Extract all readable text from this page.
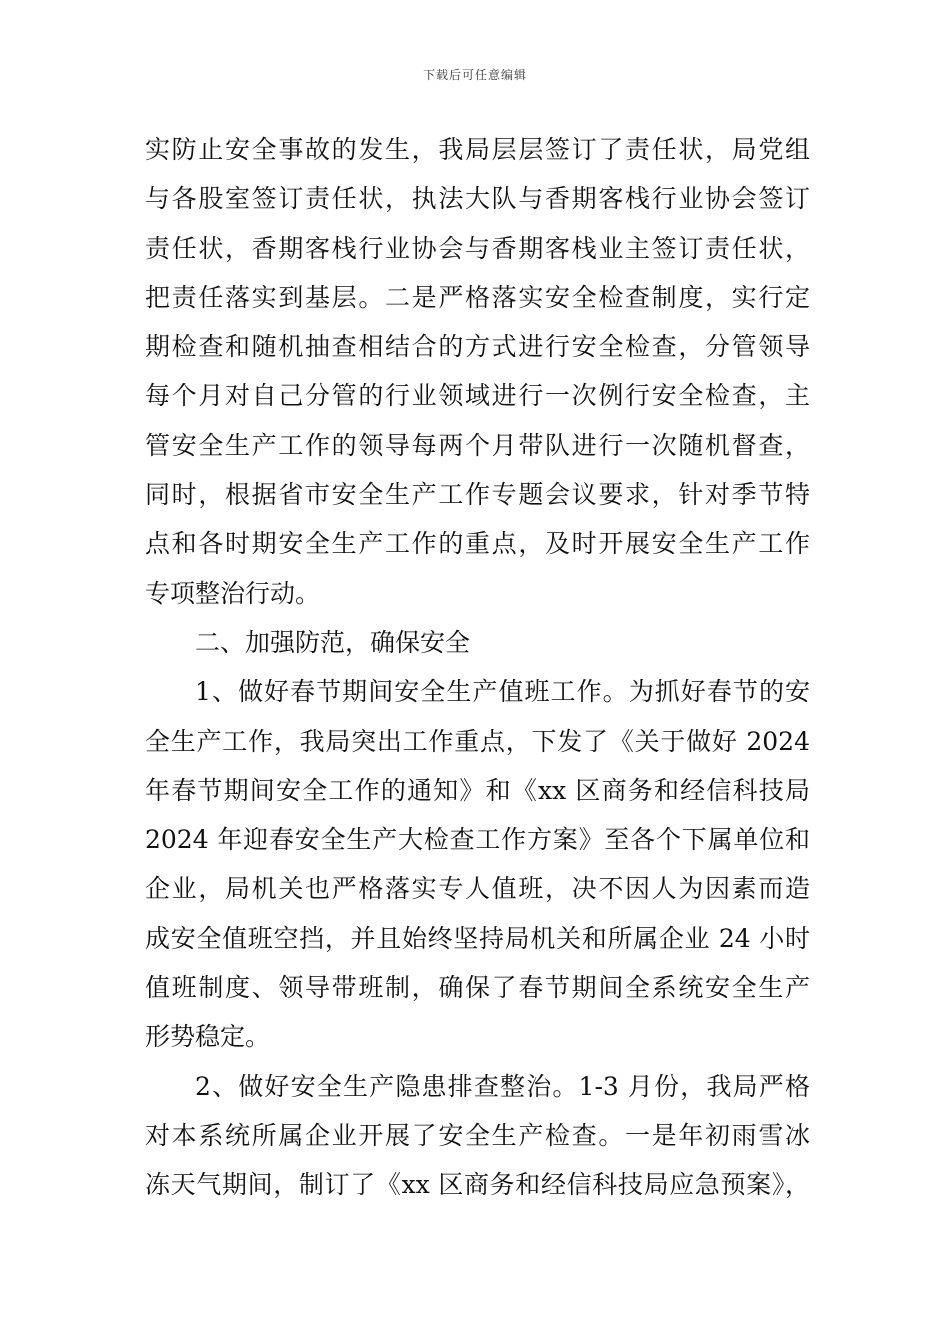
下载后可任意编辑
实防止安全事故的发生，我局层层签订了责任状，局党组
与各股室签订责任状，执法大队与香期客栈行业协会签订
责任状，香期客栈行业协会与香期客栈业主签订责任状，
把责任落实到基层。二是严格落实安全检查制度，实行定
期检查和随机抽查相结合的方式进行安全检查，分管领导
每个月对自己分管的行业领域进行一次例行安全检查，主
管安全生产工作的领导每两个月带队进行一次随机督查，
同时，根据省市安全生产工作专题会议要求，针对季节特
点和各时期安全生产工作的重点，及时开展安全生产工作
专项整治行动。
二、加强防范，确保安全
1、做好春节期间安全生产值班工作。为抓好春节的安
全生产工作，我局突出工作重点，下发了《关于做好 2024
年春节期间安全工作的通知》和《xx 区商务和经信科技局
2024 年迎春安全生产大检查工作方案》至各个下属单位和
企业，局机关也严格落实专人值班，决不因人为因素而造
成安全值班空挡，并且始终坚持局机关和所属企业 24 小时
值班制度、领导带班制，确保了春节期间全系统安全生产
形势稳定。
2、做好安全生产隐患排查整治。1-3 月份，我局严格
对本系统所属企业开展了安全生产检查。一是年初雨雪冰
冻天气期间，制订了《xx 区商务和经信科技局应急预案》，
